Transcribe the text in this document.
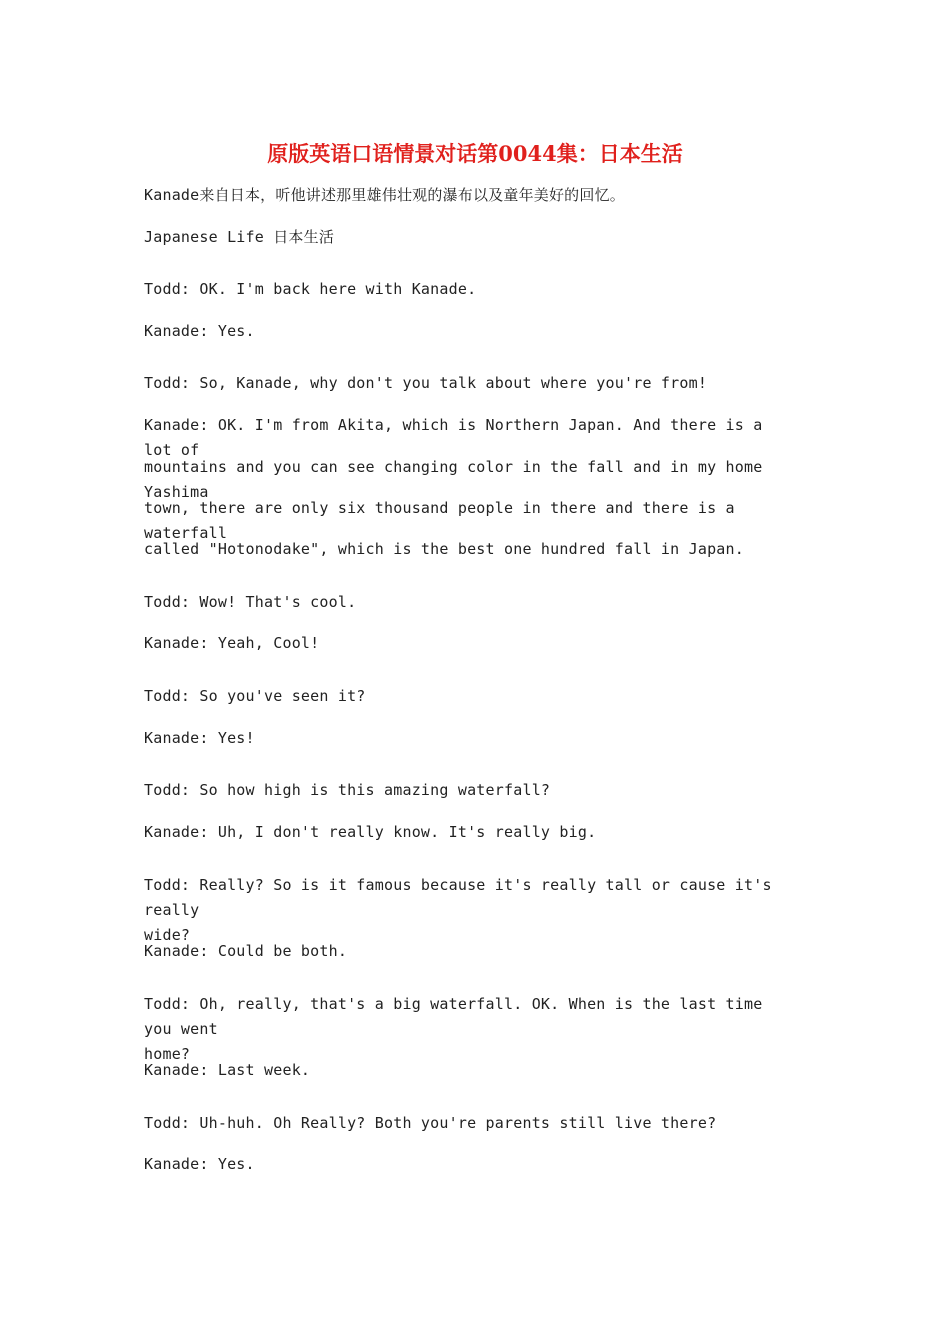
原版英语口语情景对话第0044集：日本生活
Kanade来自日本，听他讲述那里雄伟壮观的瀑布以及童年美好的回忆。
Japanese Life 日本生活
Todd: OK. I'm back here with Kanade.
Kanade: Yes.
Todd: So, Kanade, why don't you talk about where you're from!
Kanade: OK. I'm from Akita, which is Northern Japan. And there is a lot of
mountains and you can see changing color in the fall and in my home Yashima
town, there are only six thousand people in there and there is a waterfall
called "Hotonodake", which is the best one hundred fall in Japan.
Todd: Wow! That's cool.
Kanade: Yeah, Cool!
Todd: So you've seen it?
Kanade: Yes!
Todd: So how high is this amazing waterfall?
Kanade: Uh, I don't really know. It's really big.
Todd: Really? So is it famous because it's really tall or cause it's really
wide?
Kanade: Could be both.
Todd: Oh, really, that's a big waterfall. OK. When is the last time you went
home?
Kanade: Last week.
Todd: Uh-huh. Oh Really? Both you're parents still live there?
Kanade: Yes.
